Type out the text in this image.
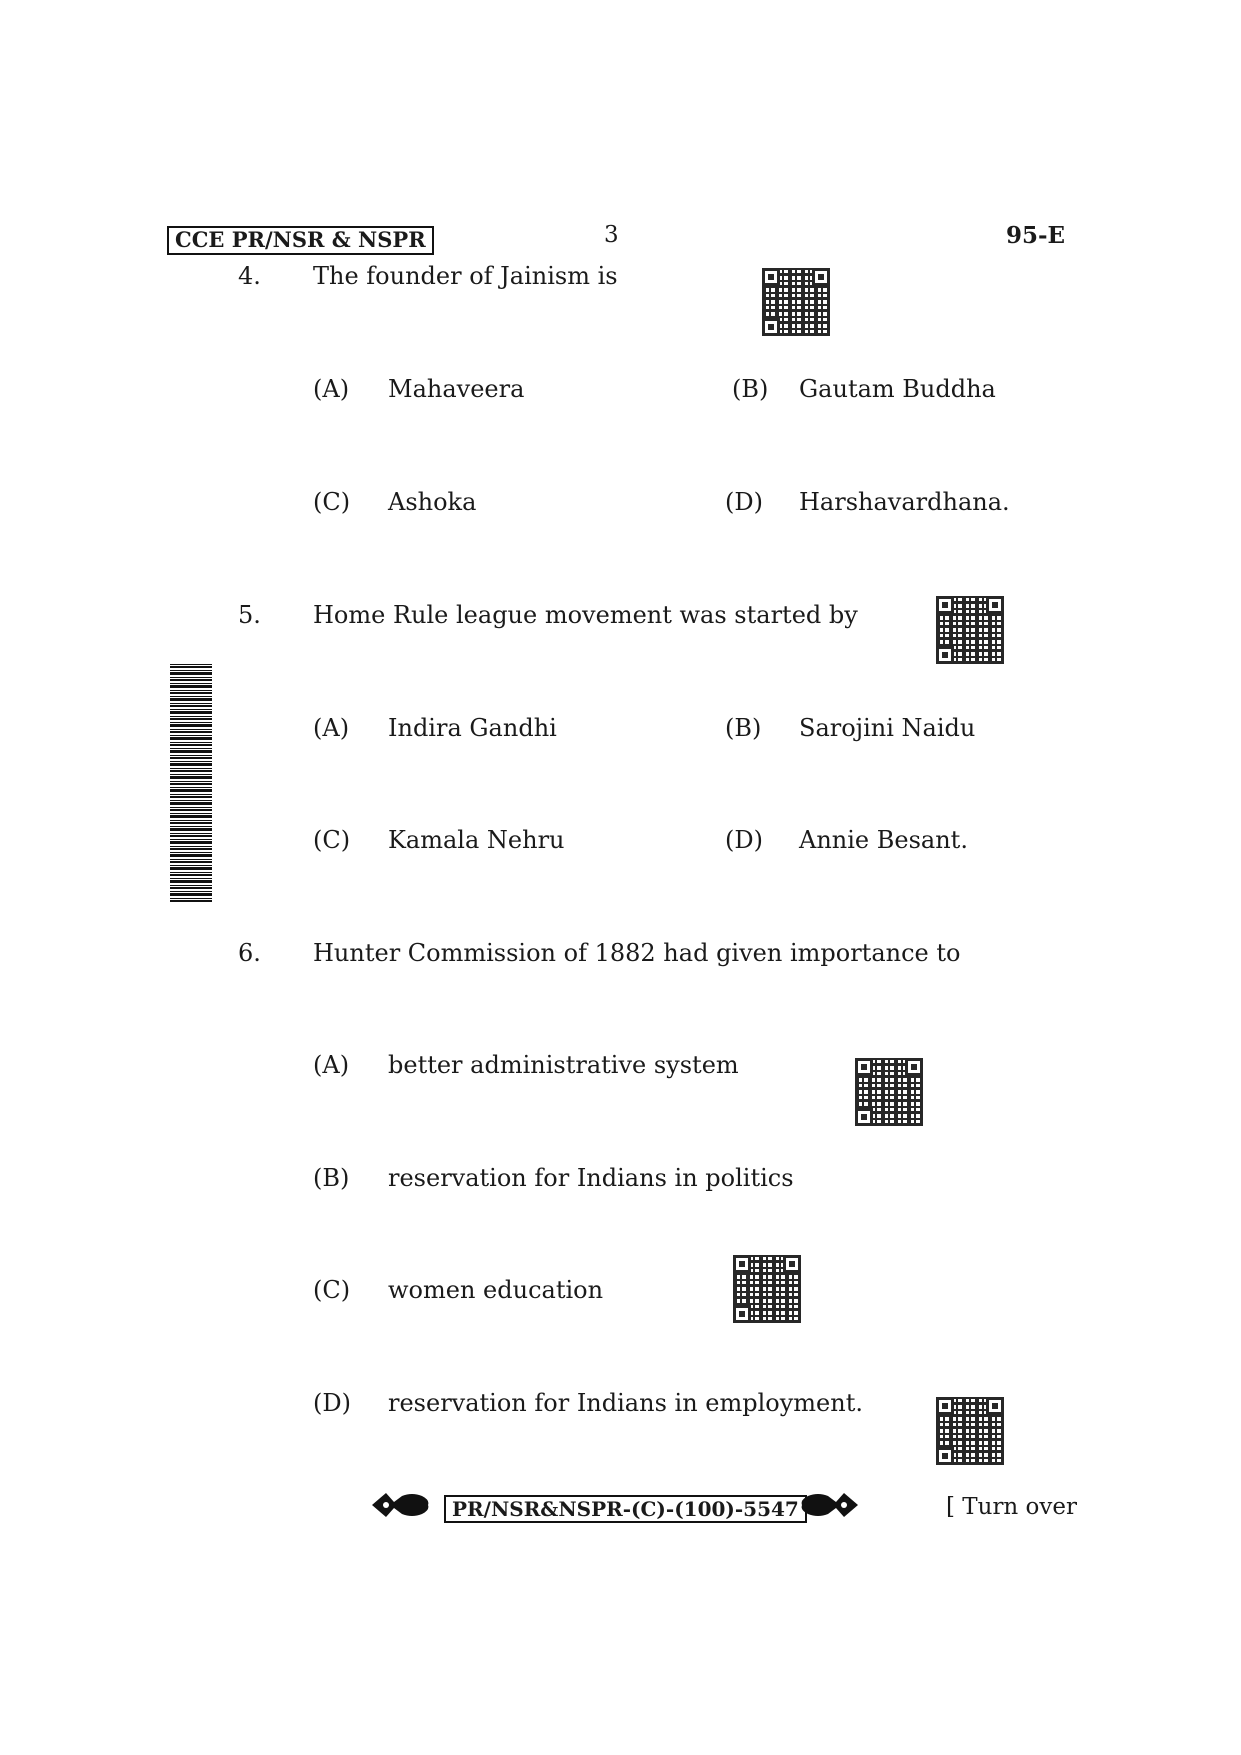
CCE PR/NSR & NSPR	3	95-E
4. The founder of Jainism is
(A) Mahaveera	(B) Gautam Buddha
(C) Ashoka	(D) Harshavardhana.
5. Home Rule league movement was started by
(A) Indira Gandhi	(B) Sarojini Naidu
(C) Kamala Nehru	(D) Annie Besant.
6. Hunter Commission of 1882 had given importance to
(A) better administrative system
(B) reservation for Indians in politics
(C) women education
(D) reservation for Indians in employment.
PR/NSR&NSPR-(C)-(100)-5547	[ Turn over
